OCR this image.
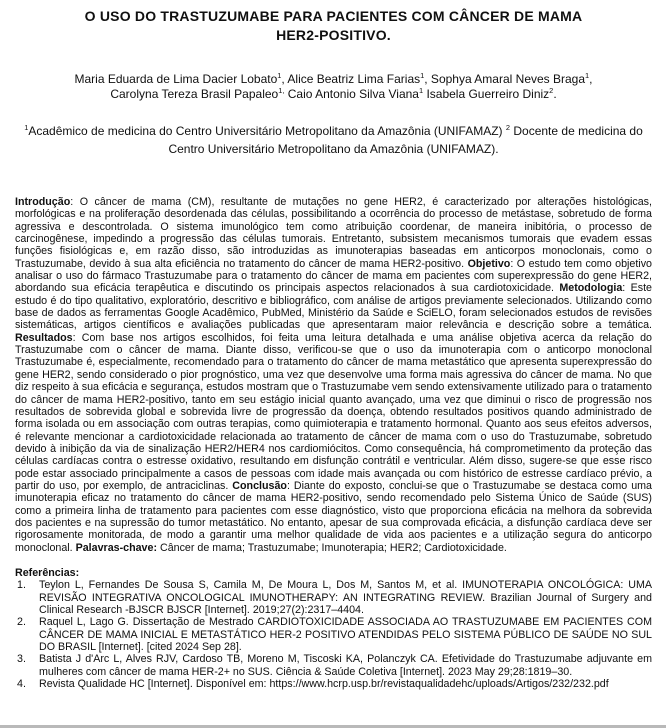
O USO DO TRASTUZUMABE PARA PACIENTES COM CÂNCER DE MAMA
HER2-POSITIVO.

Maria Eduarda de Lima Dacier Lobato$^1$, Alice Beatriz Lima Farias$^1$, Sophya Amaral Neves Braga$^1$,
Carolyna Tereza Brasil Papaleo$^{1,}$ Caio Antonio Silva Viana$^1$ Isabela Guerreiro Diniz$^2$.

$^1$Acadêmico de medicina do Centro Universitário Metropolitano da Amazônia (UNIFAMAZ) $^2$ Docente de medicina do Centro Universitário Metropolitano da Amazônia (UNIFAMAZ).

Introdução: O câncer de mama (CM), resultante de mutações no gene HER2, é caracterizado por alterações histológicas, morfológicas e na proliferação desordenada das células, possibilitando a ocorrência do processo de metástase, sobretudo de forma agressiva e descontrolada. O sistema imunológico tem como atribuição coordenar, de maneira inibitória, o processo de carcinogênese, impedindo a progressão das células tumorais. Entretanto, subsistem mecanismos tumorais que evadem essas funções fisiológicas e, em razão disso, são introduzidas as imunoterapias baseadas em anticorpos monoclonais, como o Trastuzumabe, devido à sua alta eficiência no tratamento do câncer de mama HER2-positivo. Objetivo: O estudo tem como objetivo analisar o uso do fármaco Trastuzumabe para o tratamento do câncer de mama em pacientes com superexpressão do gene HER2, abordando sua eficácia terapêutica e discutindo os principais aspectos relacionados à sua cardiotoxicidade. Metodologia: Este estudo é do tipo qualitativo, exploratório, descritivo e bibliográfico, com análise de artigos previamente selecionados. Utilizando como base de dados as ferramentas Google Acadêmico, PubMed, Ministério da Saúde e SciELO, foram selecionados estudos de revisões sistemáticas, artigos científicos e avaliações publicadas que apresentaram maior relevância e descrição sobre a temática. Resultados: Com base nos artigos escolhidos, foi feita uma leitura detalhada e uma análise objetiva acerca da relação do Trastuzumabe com o câncer de mama. Diante disso, verificou-se que o uso da imunoterapia com o anticorpo monoclonal Trastuzumabe é, especialmente, recomendado para o tratamento do câncer de mama metastático que apresenta superexpressão do gene HER2, sendo considerado o pior prognóstico, uma vez que desenvolve uma forma mais agressiva do câncer de mama. No que diz respeito à sua eficácia e segurança, estudos mostram que o Trastuzumabe vem sendo extensivamente utilizado para o tratamento do câncer de mama HER2-positivo, tanto em seu estágio inicial quanto avançado, uma vez que diminui o risco de progressão nos resultados de sobrevida global e sobrevida livre de progressão da doença, obtendo resultados positivos quando administrado de forma isolada ou em associação com outras terapias, como quimioterapia e tratamento hormonal. Quanto aos seus efeitos adversos, é relevante mencionar a cardiotoxicidade relacionada ao tratamento de câncer de mama com o uso do Trastuzumabe, sobretudo devido à inibição da via de sinalização HER2/HER4 nos cardiomiócitos. Como consequência, há comprometimento da proteção das células cardíacas contra o estresse oxidativo, resultando em disfunção contrátil e ventricular. Além disso, sugere-se que esse risco pode estar associado principalmente a casos de pessoas com idade mais avançada ou com histórico de estresse cardíaco prévio, a partir do uso, por exemplo, de antraciclinas. Conclusão: Diante do exposto, conclui-se que o Trastuzumabe se destaca como uma imunoterapia eficaz no tratamento do câncer de mama HER2-positivo, sendo recomendado pelo Sistema Único de Saúde (SUS) como a primeira linha de tratamento para pacientes com esse diagnóstico, visto que proporciona eficácia na melhora da sobrevida dos pacientes e na supressão do tumor metastático. No entanto, apesar de sua comprovada eficácia, a disfunção cardíaca deve ser rigorosamente monitorada, de modo a garantir uma melhor qualidade de vida aos pacientes e a utilização segura do anticorpo monoclonal. Palavras-chave: Câncer de mama; Trastuzumabe; Imunoterapia; HER2; Cardiotoxicidade.

Referências:
1.	Teylon L, Fernandes De Sousa S, Camila M, De Moura L, Dos M, Santos M, et al. IMUNOTERAPIA ONCOLÓGICA: UMA REVISÃO INTEGRATIVA ONCOLOGICAL IMUNOTHERAPY: AN INTEGRATING REVIEW. Brazilian Journal of Surgery and Clinical Research -BJSCR BJSCR [Internet]. 2019;27(2):2317–4404.
2.	Raquel L, Lago G. Dissertação de Mestrado CARDIOTOXICIDADE ASSOCIADA AO TRASTUZUMABE EM PACIENTES COM CÂNCER DE MAMA INICIAL E METASTÁTICO HER-2 POSITIVO ATENDIDAS PELO SISTEMA PÚBLICO DE SAÚDE NO SUL DO BRASIL [Internet]. [cited 2024 Sep 28].
3.	Batista J d'Arc L, Alves RJV, Cardoso TB, Moreno M, Tiscoski KA, Polanczyk CA. Efetividade do Trastuzumabe adjuvante em mulheres com câncer de mama HER-2+ no SUS. Ciência & Saúde Coletiva [Internet]. 2023 May 29;28:1819–30.
4.	Revista Qualidade HC [Internet]. Disponível em: https://www.hcrp.usp.br/revistaqualidadehc/uploads/Artigos/232/232.pdf
